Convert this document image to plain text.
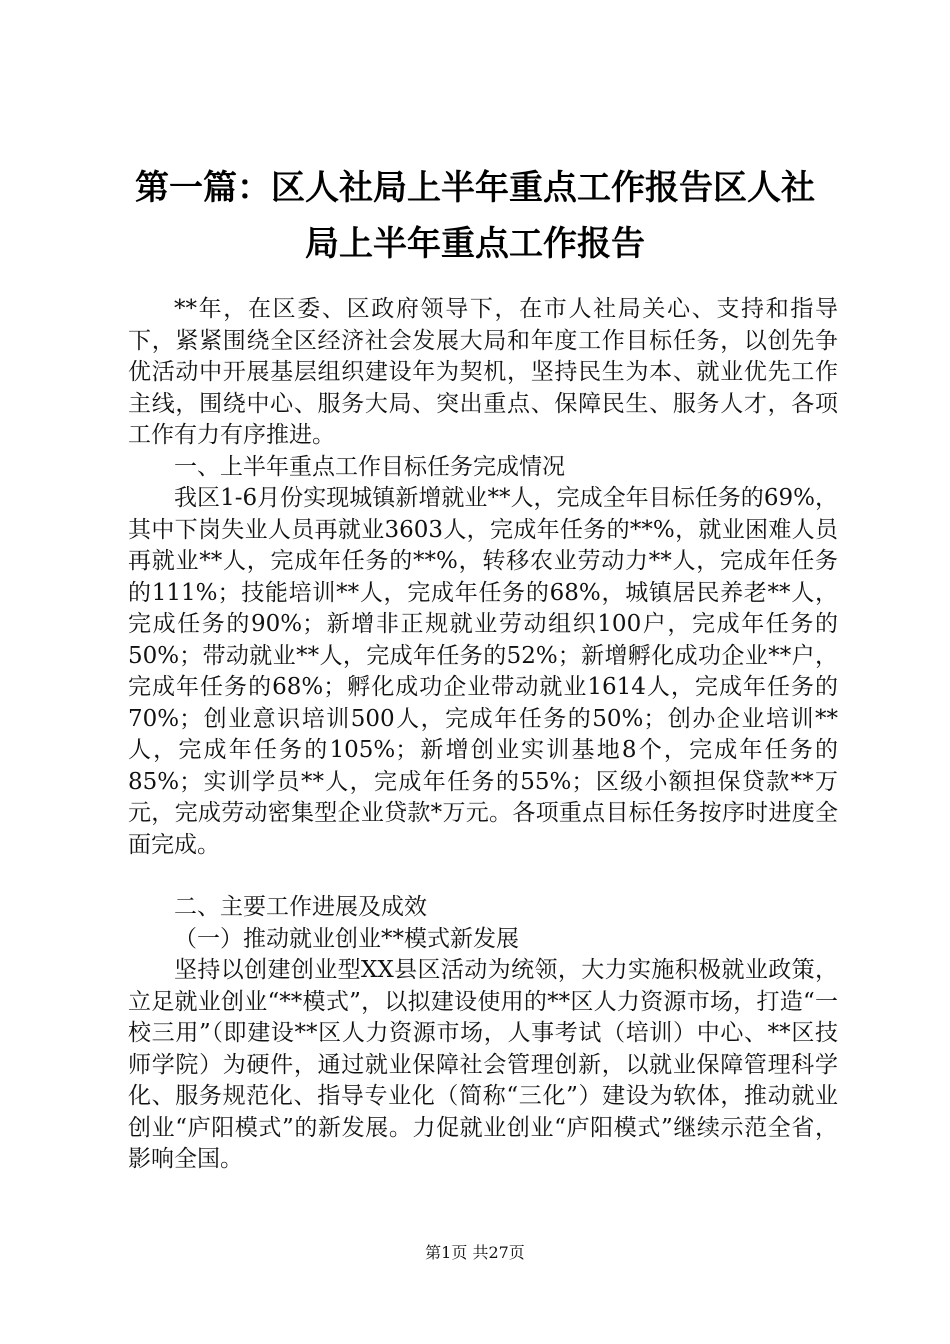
第一篇：区人社局上半年重点工作报告区人社
局上半年重点工作报告

**年，在区委、区政府领导下，在市人社局关心、支持和指导下，紧紧围绕全区经济社会发展大局和年度工作目标任务，以创先争优活动中开展基层组织建设年为契机，坚持民生为本、就业优先工作主线，围绕中心、服务大局、突出重点、保障民生、服务人才，各项工作有力有序推进。

一、上半年重点工作目标任务完成情况

我区1-6月份实现城镇新增就业**人，完成全年目标任务的69%，其中下岗失业人员再就业3603人，完成年任务的**%，就业困难人员再就业**人，完成年任务的**%，转移农业劳动力**人，完成年任务的111%；技能培训**人，完成年任务的68%，城镇居民养老**人，完成任务的90%；新增非正规就业劳动组织100户，完成年任务的50%；带动就业**人，完成年任务的52%；新增孵化成功企业**户，完成年任务的68%；孵化成功企业带动就业1614人，完成年任务的70%；创业意识培训500人，完成年任务的50%；创办企业培训**人，完成年任务的105%；新增创业实训基地8个，完成年任务的85%；实训学员**人，完成年任务的55%；区级小额担保贷款**万元，完成劳动密集型企业贷款*万元。各项重点目标任务按序时进度全面完成。

二、主要工作进展及成效

（一）推动就业创业**模式新发展

坚持以创建创业型XX县区活动为统领，大力实施积极就业政策，立足就业创业“**模式”，以拟建设使用的**区人力资源市场，打造“一校三用”（即建设**区人力资源市场，人事考试（培训）中心、**区技师学院）为硬件，通过就业保障社会管理创新，以就业保障管理科学化、服务规范化、指导专业化（简称“三化”）建设为软体，推动就业创业“庐阳模式”的新发展。力促就业创业“庐阳模式”继续示范全省，影响全国。

第1页 共27页
